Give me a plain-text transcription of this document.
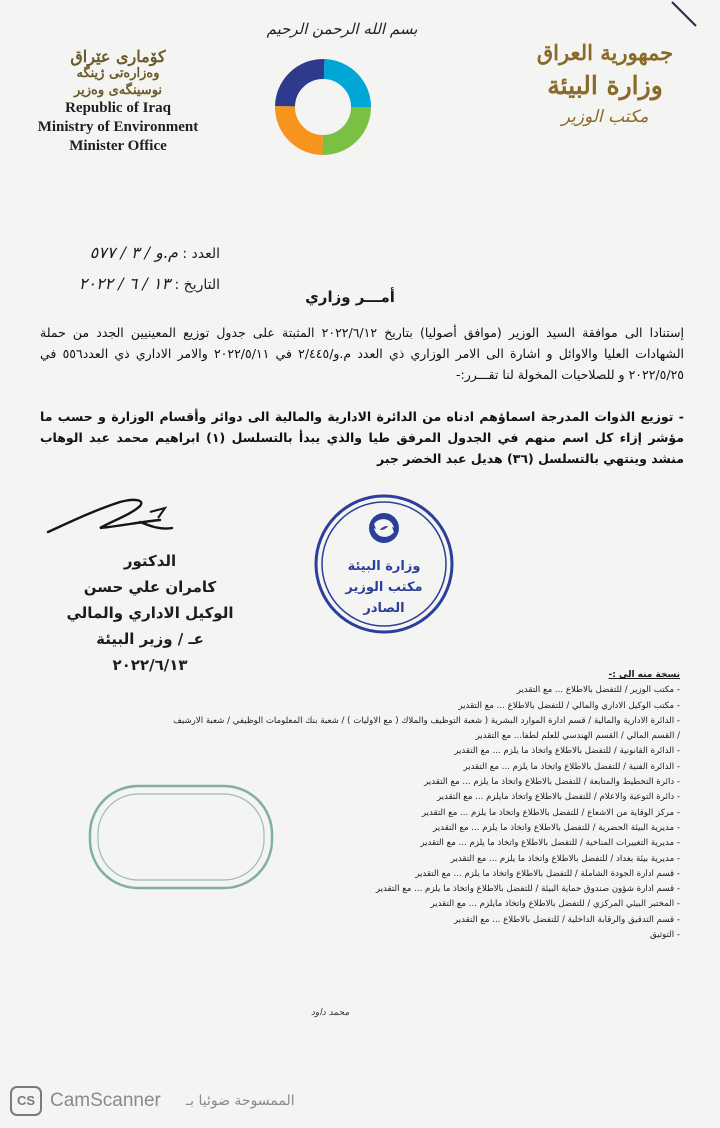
بسم الله الرحمن الرحيم
كۆماری عێراق
وەزارەتی ژینگە
نوسینگەی وەزیر
Republic of Iraq
Ministry of Environment
Minister Office
جمهورية العراق
وزارة البيئة
مكتب الوزير
العدد : م.و / ٣ / ٥٧٧
التاريخ : ١٣ / ٦ / ٢٠٢٢
أمـــر وزاري
إستنادا الى موافقة السيد الوزير (موافق أصوليا) بتاريخ ٢٠٢٢/٦/١٢ المثبتة على جدول توزيع المعينيين الجدد من حملة الشهادات العليا والاوائل و اشارة الى الامر الوزاري ذي العدد م.و/٢/٤٤٥ في ٢٠٢٢/٥/١١ والامر الاداري ذي العدد٥٥٦ في ٢٠٢٢/٥/٢٥ و للصلاحيات المخولة لنا تقـــرر:-
- توزيع الذوات المدرجة اسماؤهم ادناه من الدائرة الادارية والمالية الى دوائر وأقسام الوزارة و حسب ما مؤشر إزاء كل اسم منهم في الجدول المرفق طيا والذي يبدأ بالتسلسل (١) ابراهيم محمد عبد الوهاب منشد وينتهي بالتسلسل (٣٦) هديل عبد الخضر جبر
الدكتور
كامران علي حسن
الوكيل الاداري والمالي
عـ / وزير البيئة
٢٠٢٢/٦/١٣
وزارة البيئة
مكتب الوزير
الصادر
نسخة منه الى :-
- مكتب الوزير / للتفضل بالاطلاع ... مع التقدير
- مكتب الوكيل الاداري والمالي / للتفضل بالاطلاع ... مع التقدير
- الدائرة الادارية والمالية / قسم ادارة الموارد البشرية ( شعبة التوظيف والملاك ( مع الاوليات ) / شعبة بنك المعلومات الوظيفي / شعبة الارشيف
/ القسم المالي / القسم الهندسي للعلم لطفا... مع التقدير
- الدائرة القانونية / للتفضل بالاطلاع واتخاذ ما يلزم ... مع التقدير
- الدائرة الفنية / للتفضل بالاطلاع واتخاذ ما يلزم ... مع التقدير
- دائرة التخطيط والمتابعة / للتفضل بالاطلاع واتخاذ ما يلزم ... مع التقدير
- دائرة التوعية والاعلام / للتفضل بالاطلاع واتخاذ مايلزم ... مع التقدير
- مركز الوقاية من الاشعاع / للتفضل بالاطلاع واتخاذ ما يلزم ... مع التقدير
- مديرية البيئة الحضرية / للتفضل بالاطلاع واتخاذ ما يلزم ... مع التقدير
- مديرية التغييرات المناخية / للتفضل بالاطلاع واتخاذ ما يلزم ... مع التقدير
- مديرية بيئة بغداد / للتفضل بالاطلاع واتخاذ ما يلزم ... مع التقدير
- قسم ادارة الجودة الشاملة / للتفضل بالاطلاع واتخاذ ما يلزم ... مع التقدير
- قسم ادارة شؤون صندوق حماية البيئة / للتفضل بالاطلاع واتخاذ ما يلزم ... مع التقدير
- المختبر البيئي المركزي / للتفضل بالاطلاع واتخاذ مايلزم ... مع التقدير
- قسم التدقيق والرقابة الداخلية / للتفضل بالاطلاع ... مع التقدير
- التوثيق
محمد داود
CS CamScanner الممسوحة ضوئيا بـ
